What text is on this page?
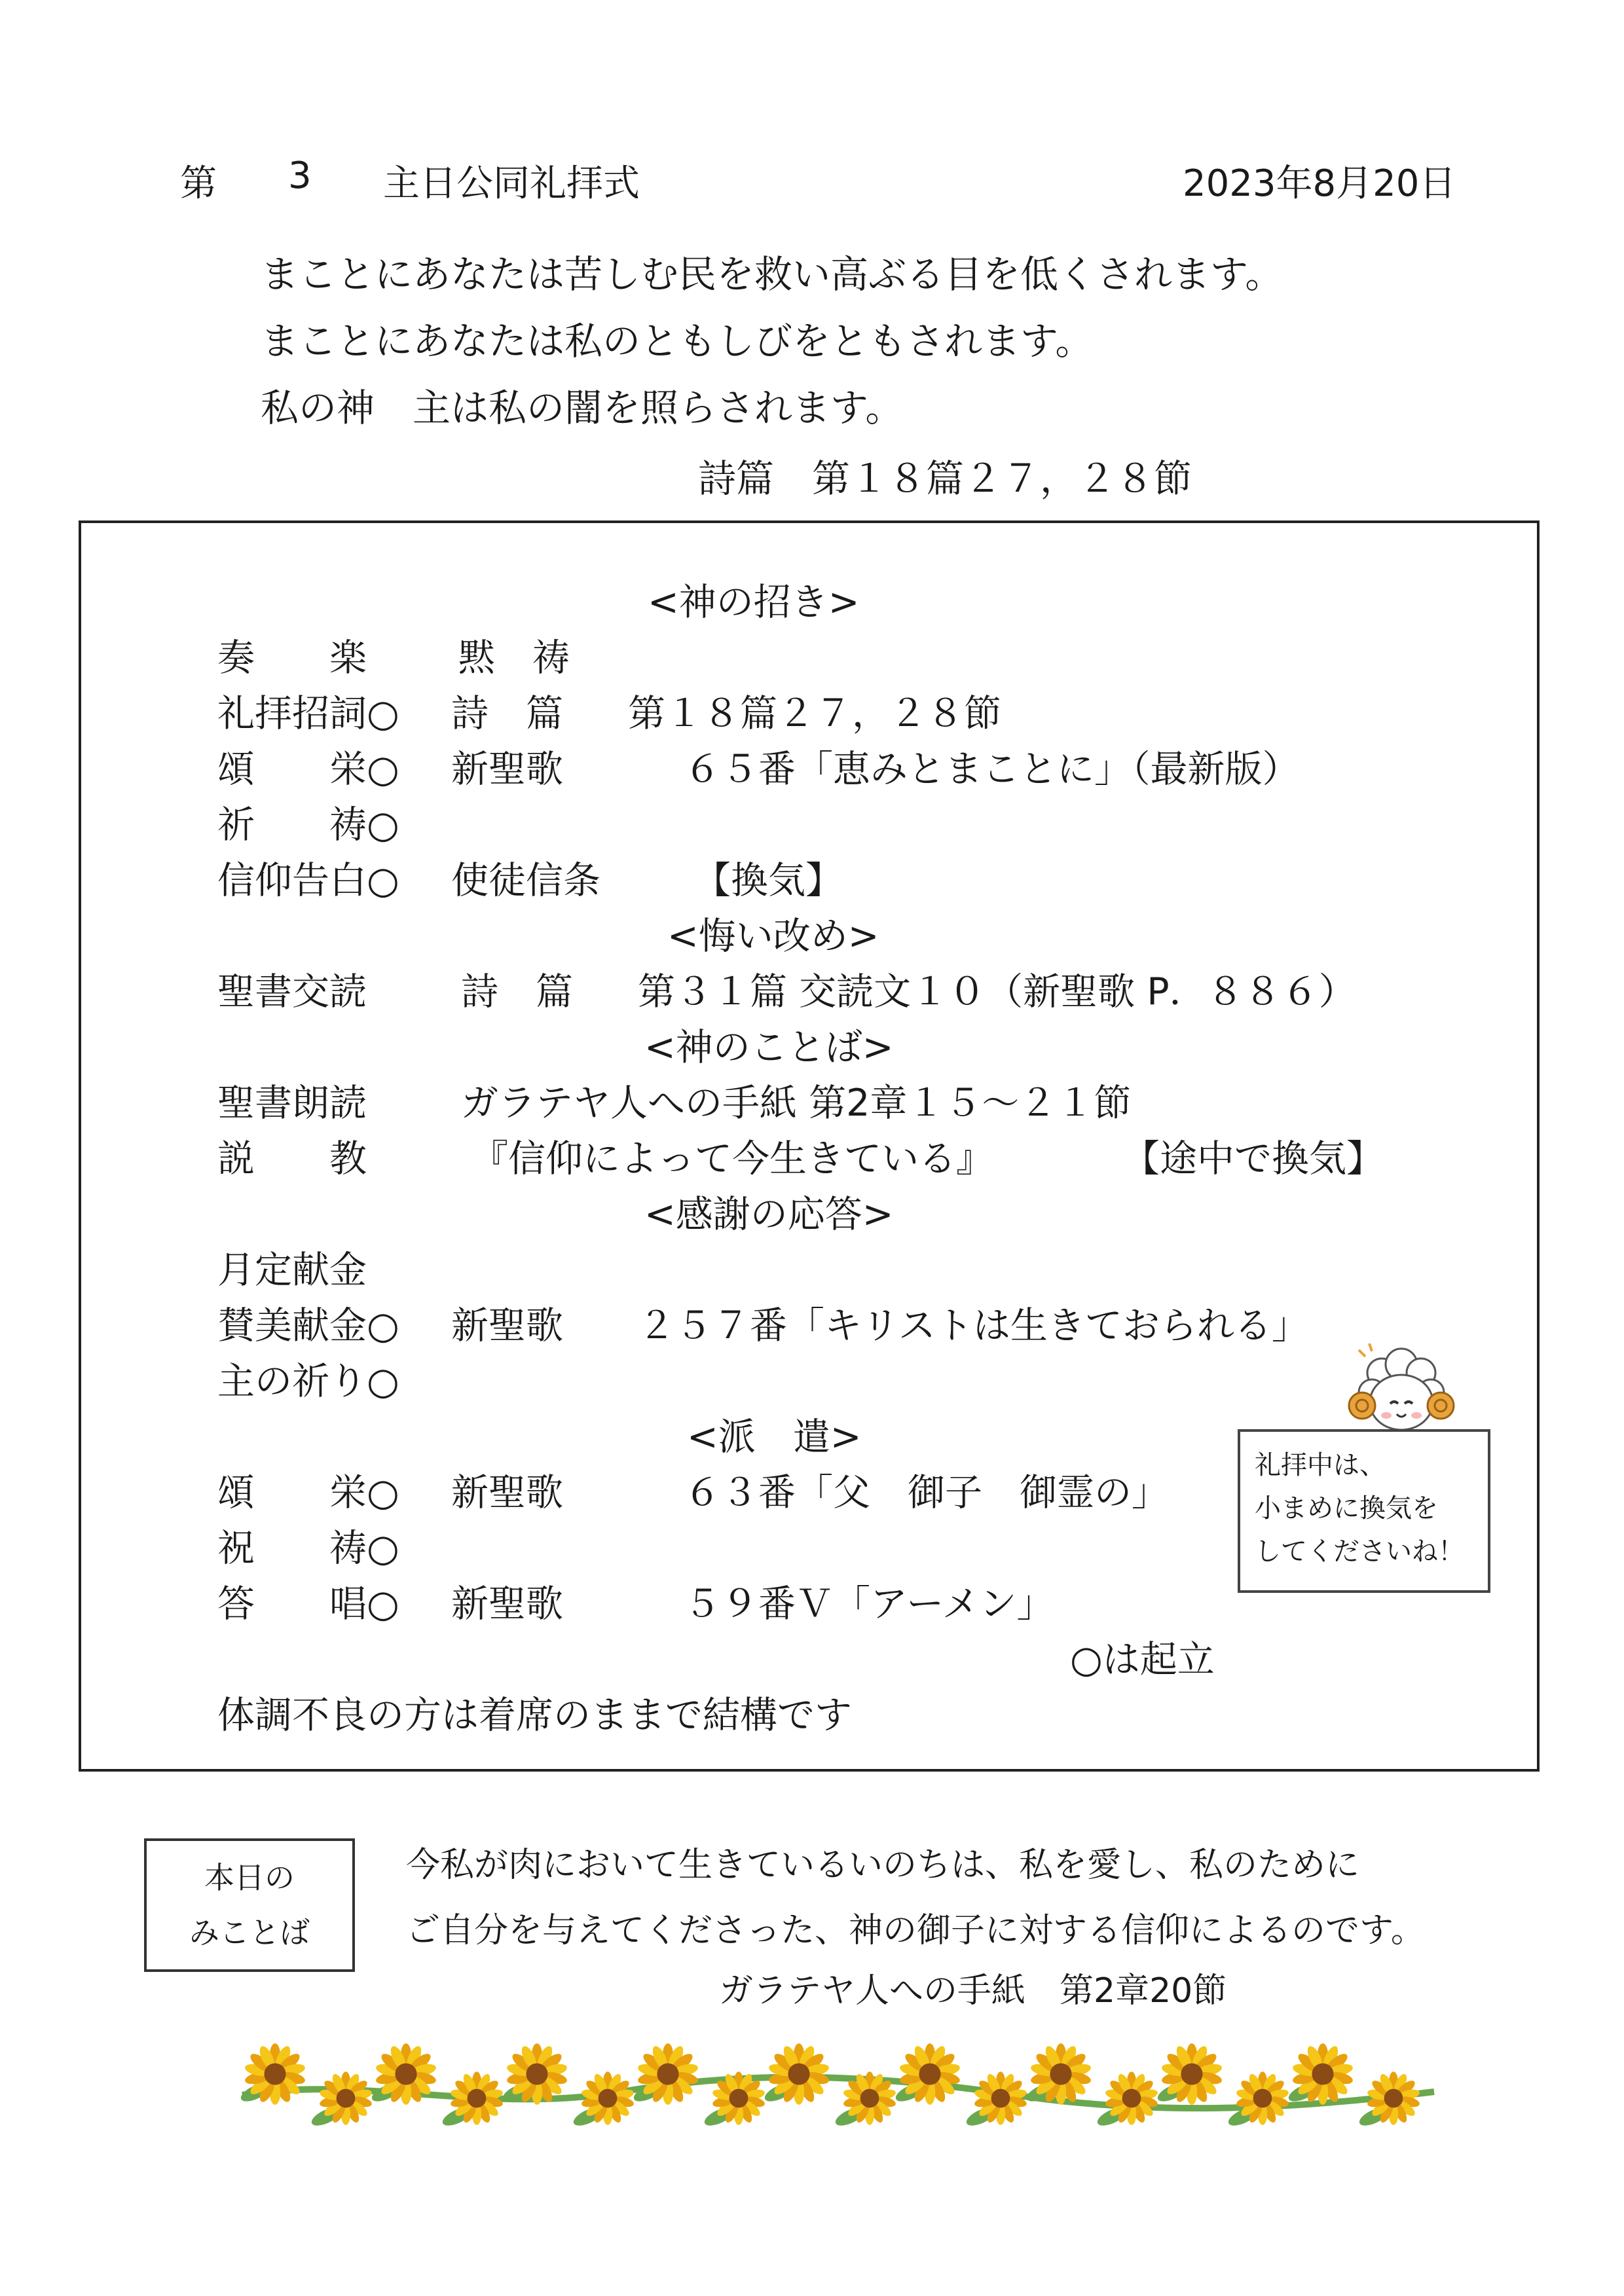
第 3 主日公同礼拝式	2023年8月20日
まことにあなたは苦しむ民を救い高ぶる目を低くされます。
まことにあなたは私のともしびをともされます。
私の神　主は私の闇を照らされます。
詩篇　第１８篇２７，２８節
<神の招き>
奏　　楽 黙　祷
礼拝招詞○ 詩　篇 第１８篇２７，２８節
頌　　栄○ 新聖歌	６５番「恵みとまことに」（最新版）
祈　　祷○
信仰告白○ 使徒信条 【換気】
<悔い改め>
聖書交読	詩　篇 第３１篇 交読文１０（新聖歌 P．８８６）
<神のことば>
聖書朗読	ガラテヤ人への手紙 第2章１５～２１節
説　　教	『信仰によって今生きている』	【途中で換気】
<感謝の応答>
月定献金
賛美献金○ 新聖歌 ２５７番「キリストは生きておられる」
主の祈り○
<派　遣>
頌　　栄○ 新聖歌	６３番「父　御子　御霊の」
祝　　祷○
答　　唱○ 新聖歌	５９番Ｖ「アーメン」
○は起立
体調不良の方は着席のままで結構です
礼拝中は、
小まめに換気を
してくださいね！
本日の
みことば
今私が肉において生きているいのちは、私を愛し、私のために
ご自分を与えてくださった、神の御子に対する信仰によるのです。
ガラテヤ人への手紙　第2章20節
